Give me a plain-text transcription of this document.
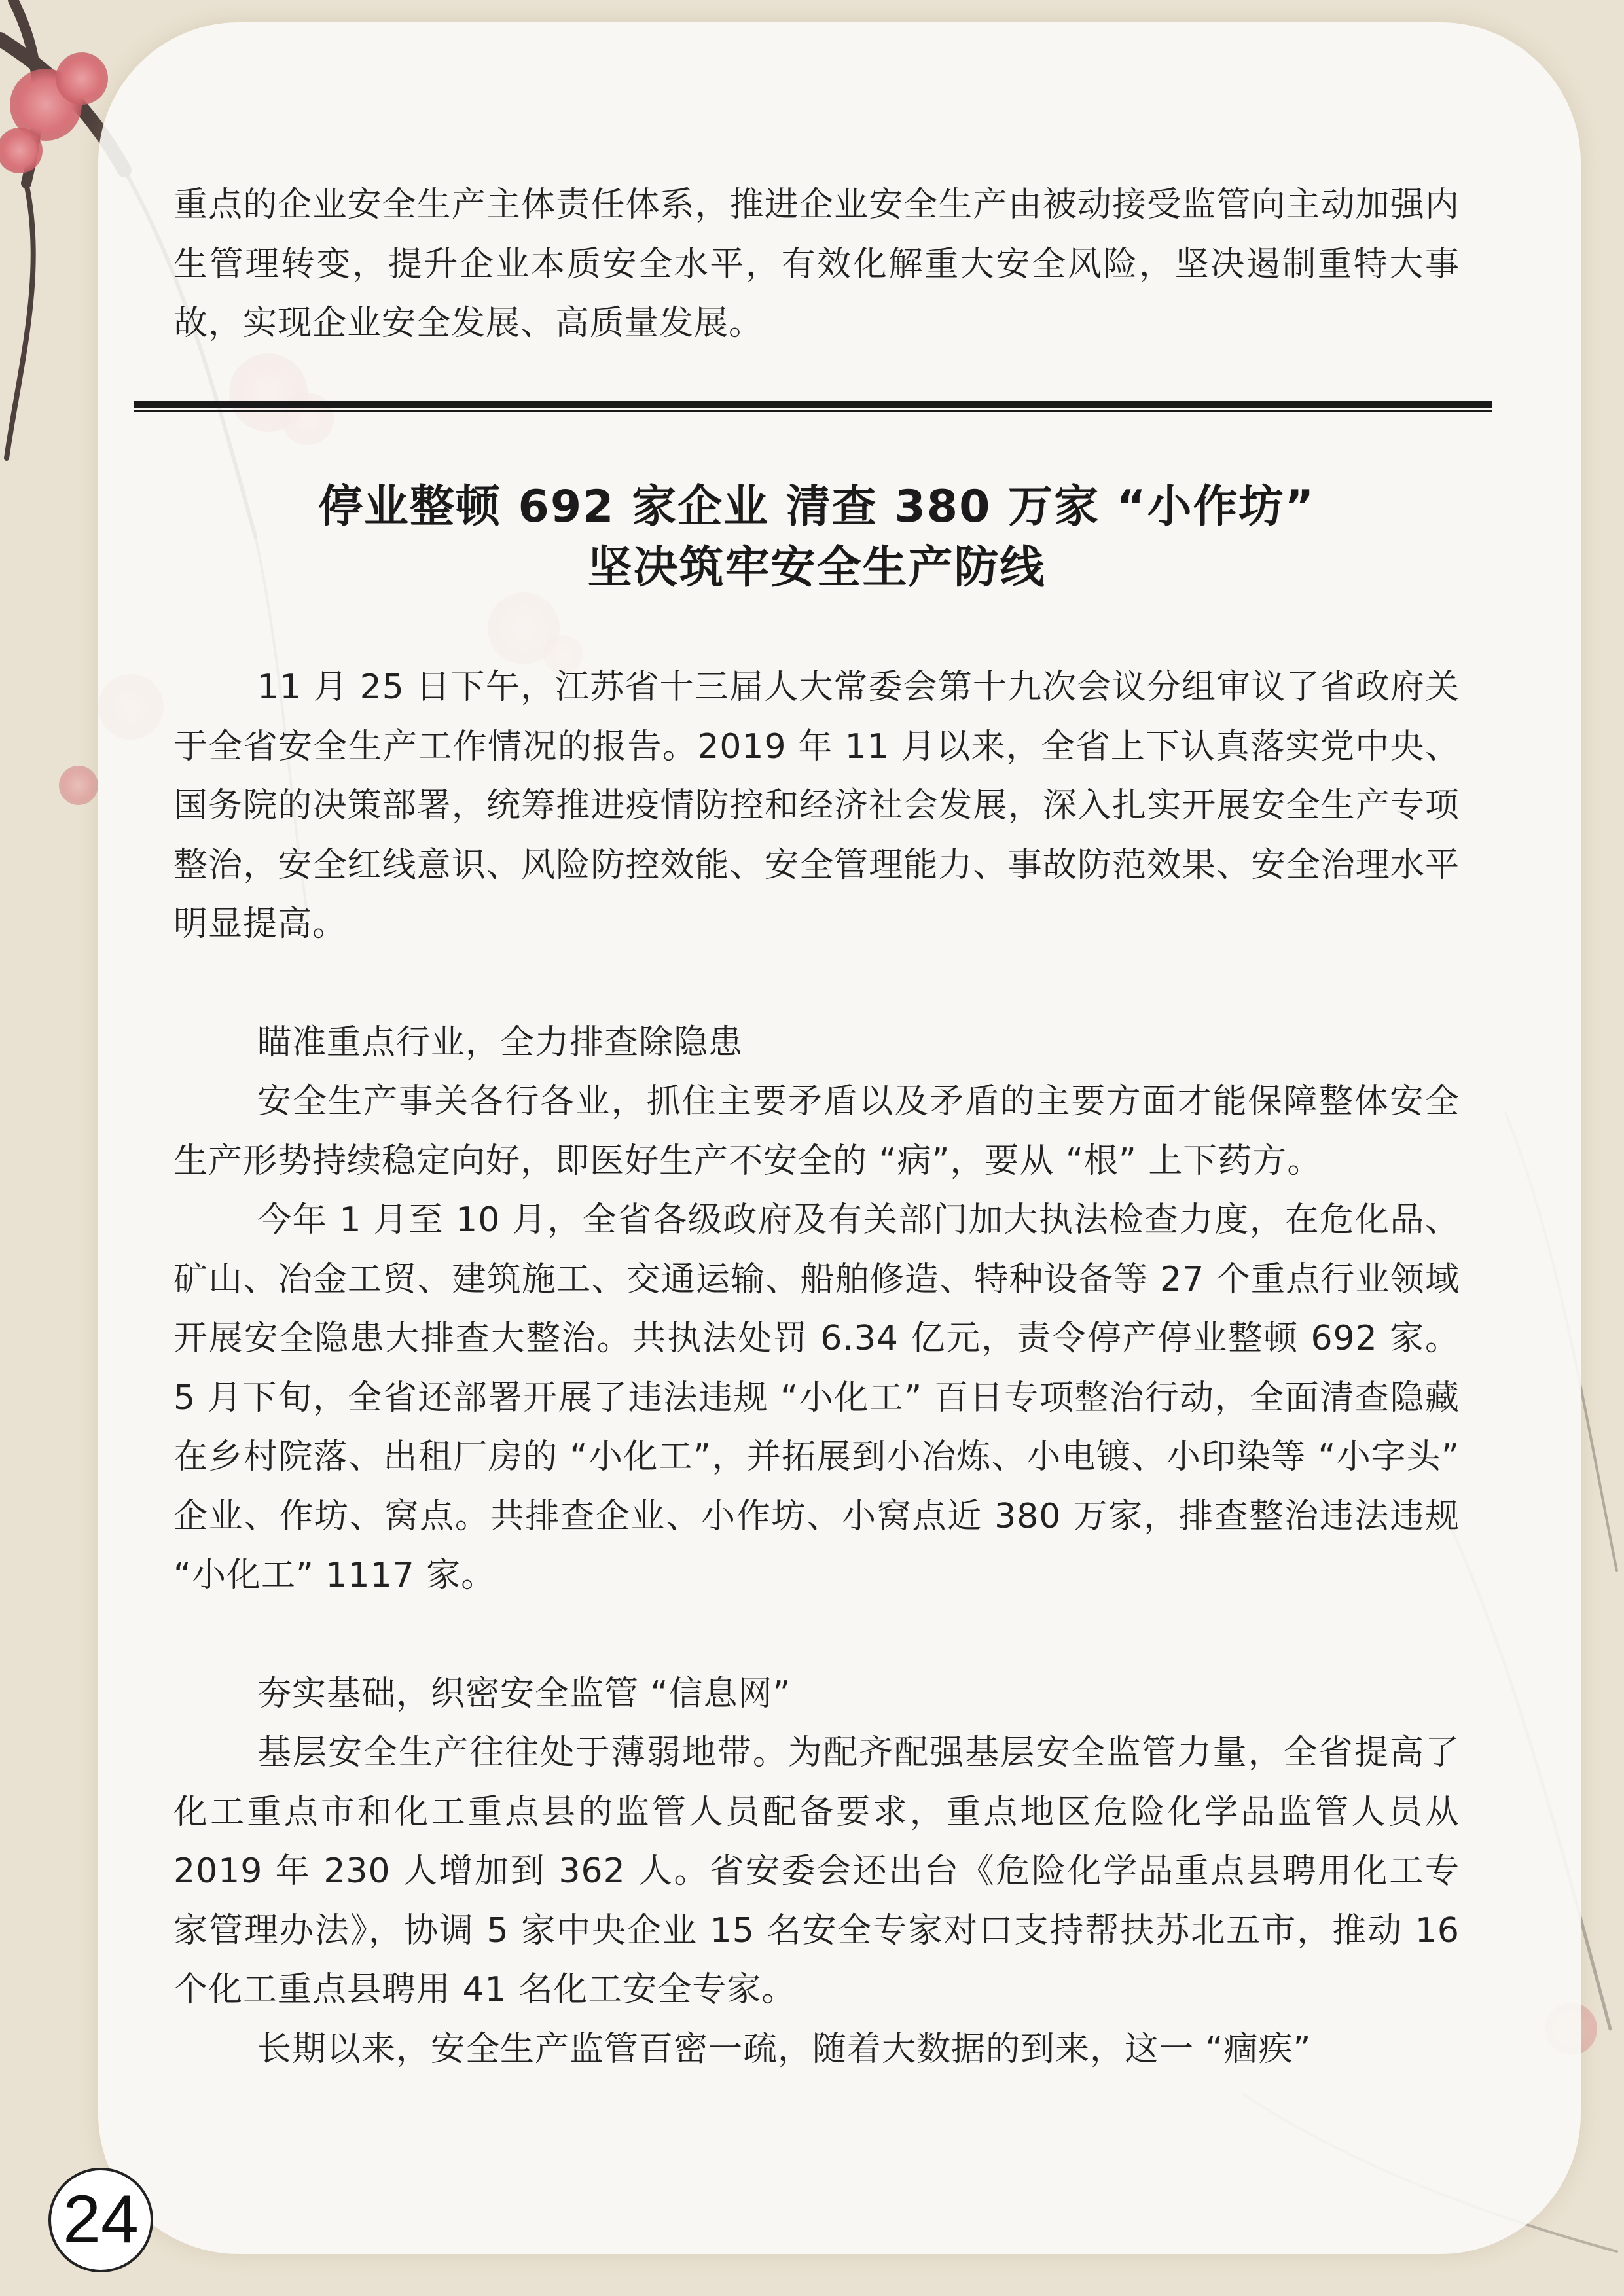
重点的企业安全生产主体责任体系，推进企业安全生产由被动接受监管向主动加强内生管理转变，提升企业本质安全水平，有效化解重大安全风险，坚决遏制重特大事故，实现企业安全发展、高质量发展。

停业整顿 692 家企业 清查 380 万家 “小作坊”
坚决筑牢安全生产防线

11 月 25 日下午，江苏省十三届人大常委会第十九次会议分组审议了省政府关于全省安全生产工作情况的报告。2019 年 11 月以来，全省上下认真落实党中央、国务院的决策部署，统筹推进疫情防控和经济社会发展，深入扎实开展安全生产专项整治，安全红线意识、风险防控效能、安全管理能力、事故防范效果、安全治理水平明显提高。

瞄准重点行业，全力排查除隐患

安全生产事关各行各业，抓住主要矛盾以及矛盾的主要方面才能保障整体安全生产形势持续稳定向好，即医好生产不安全的 “病”，要从 “根” 上下药方。

今年 1 月至 10 月，全省各级政府及有关部门加大执法检查力度，在危化品、矿山、冶金工贸、建筑施工、交通运输、船舶修造、特种设备等 27 个重点行业领域开展安全隐患大排查大整治。共执法处罚 6.34 亿元，责令停产停业整顿 692 家。5 月下旬，全省还部署开展了违法违规 “小化工” 百日专项整治行动，全面清查隐藏在乡村院落、出租厂房的 “小化工”，并拓展到小冶炼、小电镀、小印染等 “小字头” 企业、作坊、窝点。共排查企业、小作坊、小窝点近 380 万家，排查整治违法违规 “小化工” 1117 家。

夯实基础，织密安全监管 “信息网”

基层安全生产往往处于薄弱地带。为配齐配强基层安全监管力量，全省提高了化工重点市和化工重点县的监管人员配备要求，重点地区危险化学品监管人员从 2019 年 230 人增加到 362 人。省安委会还出台《危险化学品重点县聘用化工专家管理办法》，协调 5 家中央企业 15 名安全专家对口支持帮扶苏北五市，推动 16 个化工重点县聘用 41 名化工安全专家。

长期以来，安全生产监管百密一疏，随着大数据的到来，这一 “痼疾”

24
